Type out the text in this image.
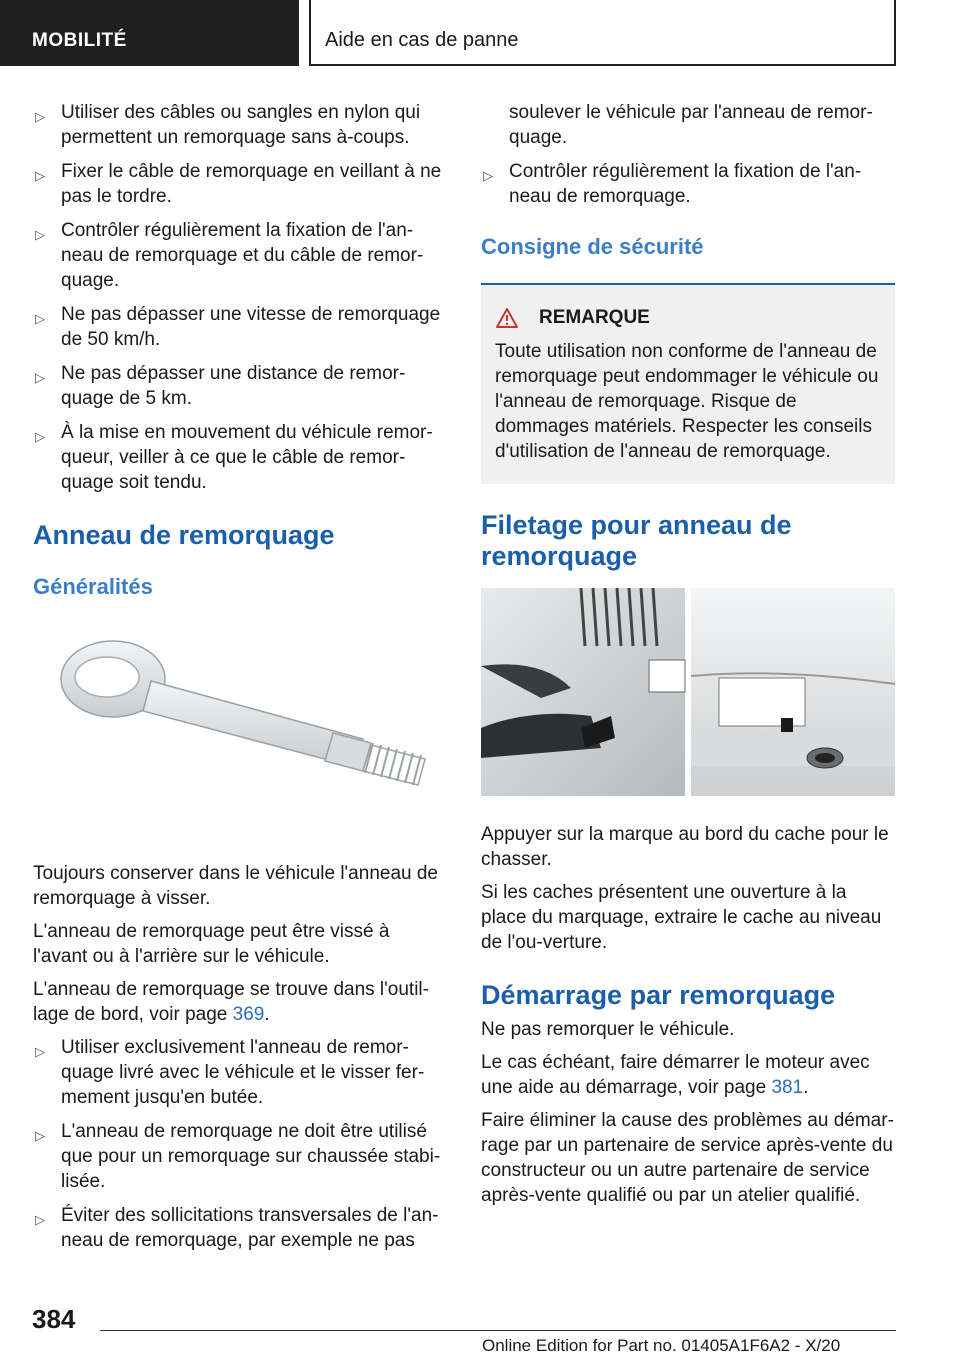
MOBILITÉ	Aide en cas de panne
▷ Utiliser des câbles ou sangles en nylon qui permettent un remorquage sans à-coups.
▷ Fixer le câble de remorquage en veillant à ne pas le tordre.
▷ Contrôler régulièrement la fixation de l'an-neau de remorquage et du câble de remor-quage.
▷ Ne pas dépasser une vitesse de remorquage de 50 km/h.
▷ Ne pas dépasser une distance de remor-quage de 5 km.
▷ À la mise en mouvement du véhicule remor-queur, veiller à ce que le câble de remor-quage soit tendu.
Anneau de remorquage
Généralités

Toujours conserver dans le véhicule l'anneau de remorquage à visser.

L'anneau de remorquage peut être vissé à l'avant ou à l'arrière sur le véhicule.

L'anneau de remorquage se trouve dans l'outil-lage de bord, voir page 369.

▷ Utiliser exclusivement l'anneau de remor-quage livré avec le véhicule et le visser fer-mement jusqu'en butée.
▷ L'anneau de remorquage ne doit être utilisé que pour un remorquage sur chaussée stabi-lisée.
▷ Éviter des sollicitations transversales de l'an-neau de remorquage, par exemple ne pas

soulever le véhicule par l'anneau de remor-quage.

▷ Contrôler régulièrement la fixation de l'an-neau de remorquage.
Consigne de sécurité
REMARQUE

Toute utilisation non conforme de l'anneau de remorquage peut endommager le véhicule ou l'anneau de remorquage. Risque de dommages matériels. Respecter les conseils d'utilisation de l'anneau de remorquage.

Filetage pour anneau de remorquage

Appuyer sur la marque au bord du cache pour le chasser.

Si les caches présentent une ouverture à la place du marquage, extraire le cache au niveau de l'ou-verture.

Démarrage par remorquage

Ne pas remorquer le véhicule.

Le cas échéant, faire démarrer le moteur avec une aide au démarrage, voir page 381.

Faire éliminer la cause des problèmes au démar-rage par un partenaire de service après-vente du constructeur ou un autre partenaire de service après-vente qualifié ou par un atelier qualifié.

384
Online Edition for Part no. 01405A1F6A2 - X/20
